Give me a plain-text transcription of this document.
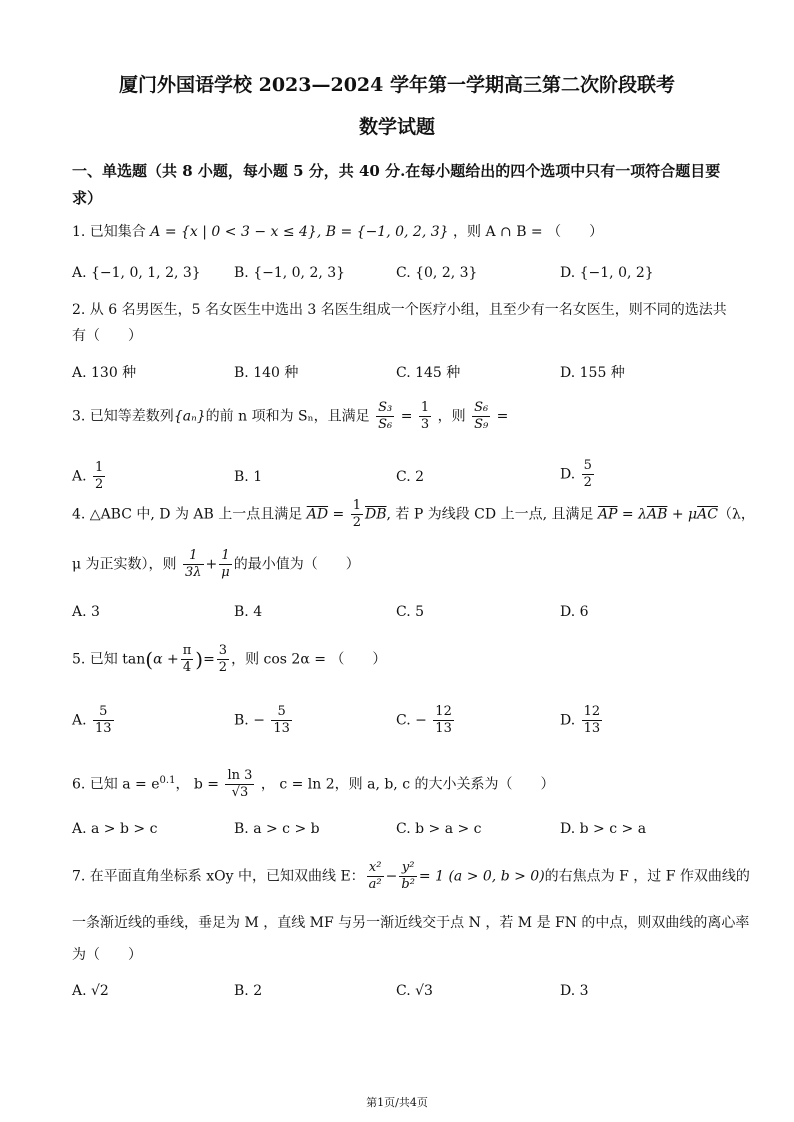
厦门外国语学校 2023—2024 学年第一学期高三第二次阶段联考
数学试题
一、单选题（共 8 小题，每小题 5 分，共 40 分.在每小题给出的四个选项中只有一项符合题目要求）
1. 已知集合 A = {x | 0 < 3 − x ≤ 4}, B = {−1, 0, 2, 3} ，则 A ∩ B = （　　）
A. {−1, 0, 1, 2, 3} B. {−1, 0, 2, 3}	C. {0, 2, 3}	D. {−1, 0, 2}
2. 从 6 名男医生，5 名女医生中选出 3 名医生组成一个医疗小组，且至少有一名女医生，则不同的选法共有（　　）
A. 130 种	B. 140 种	C. 145 种	D. 155 种
3. 已知等差数列{aₙ}的前 n 项和为 Sₙ，且满足 $\frac{\text{S₃}}{\text{S₆}} = \frac{1}{3}$ ，则 $\frac{\text{S₆}}{\text{S₉}}$ =
A. $\frac{1}{2}$	B. 1	C. 2	D. $\frac{5}{2}$
4. △ABC 中, D 为 AB 上一点且满足 $\overline{AD} = \frac{1}{2} \overline{DB}$, 若 P 为线段 CD 上一点, 且满足 $\overline{AP} = \lambda\overline{AB} + \mu\overline{AC}(\lambda$，
μ 为正实数），则 $\frac{1}{3\lambda} + \frac{1}{\mu}$ 的最小值为（　　）
A. 3	B. 4	C. 5	D. 6
5. 已知 $\tan(\alpha + \frac{\pi}{4}$ )= $\frac{3}{2}$ ，则 cos 2α = （　　）
A. $\frac{5}{13}$	B. − $\frac{5}{13}$	C. − $\frac{12}{13}$	D. $\frac{12}{13}$
6. 已知 $a = e^{0.1}$， $b = \frac{\ln 3}{√3}$ ， c = ln 2，则 a, b, c 的大小关系为（　　）
A. a > b > c	B. a > c > b	C. b > a > c	D. b > c > a
7. 在平面直角坐标系 xOy 中，已知双曲线 E： $\frac{\text{x²}}{\text{a²}} - \frac{\text{y²}}{\text{b²}} = 1$ (a > 0, b > 0)的右焦点为 F ，过 F 作双曲线的
一条渐近线的垂线，垂足为 M ，直线 MF 与另一渐近线交于点 N ，若 M 是 FN 的中点，则双曲线的离心率
为（　　）
A. √2	B. 2	C. √3	D. 3
第1页/共4页
